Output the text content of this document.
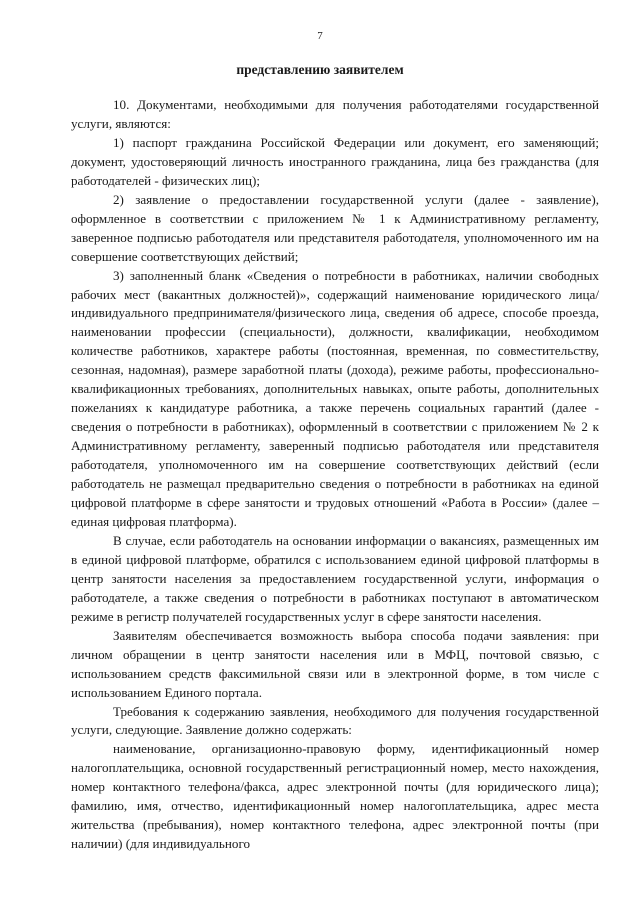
7
представлению заявителем

10. Документами, необходимыми для получения работодателями государственной услуги, являются:

1) паспорт гражданина Российской Федерации или документ, его заменяющий; документ, удостоверяющий личность иностранного гражданина, лица без гражданства (для работодателей - физических лиц);

2) заявление о предоставлении государственной услуги (далее - заявление), оформленное в соответствии с приложением № 1 к Административному регламенту, заверенное подписью работодателя или представителя работодателя, уполномоченного им на совершение соответствующих действий;

3) заполненный бланк «Сведения о потребности в работниках, наличии свободных рабочих мест (вакантных должностей)», содержащий наименование юридического лица/индивидуального предпринимателя/физического лица, сведения об адресе, способе проезда, наименовании профессии (специальности), должности, квалификации, необходимом количестве работников, характере работы (постоянная, временная, по совместительству, сезонная, надомная), размере заработной платы (дохода), режиме работы, профессионально-квалификационных требованиях, дополнительных навыках, опыте работы, дополнительных пожеланиях к кандидатуре работника, а также перечень социальных гарантий (далее - сведения о потребности в работниках), оформленный в соответствии с приложением № 2 к Административному регламенту, заверенный подписью работодателя или представителя работодателя, уполномоченного им на совершение соответствующих действий (если работодатель не размещал предварительно сведения о потребности в работниках на единой цифровой платформе в сфере занятости и трудовых отношений «Работа в России» (далее – единая цифровая платформа).

В случае, если работодатель на основании информации о вакансиях, размещенных им в единой цифровой платформе, обратился с использованием единой цифровой платформы в центр занятости населения за предоставлением государственной услуги, информация о работодателе, а также сведения о потребности в работниках поступают в автоматическом режиме в регистр получателей государственных услуг в сфере занятости населения.

Заявителям обеспечивается возможность выбора способа подачи заявления: при личном обращении в центр занятости населения или в МФЦ, почтовой связью, с использованием средств факсимильной связи или в электронной форме, в том числе с использованием Единого портала.

Требования к содержанию заявления, необходимого для получения государственной услуги, следующие. Заявление должно содержать:

наименование, организационно-правовую форму, идентификационный номер налогоплательщика, основной государственный регистрационный номер, место нахождения, номер контактного телефона/факса, адрес электронной почты (для юридического лица); фамилию, имя, отчество, идентификационный номер налогоплательщика, адрес места жительства (пребывания), номер контактного телефона, адрес электронной почты (при наличии) (для индивидуального
